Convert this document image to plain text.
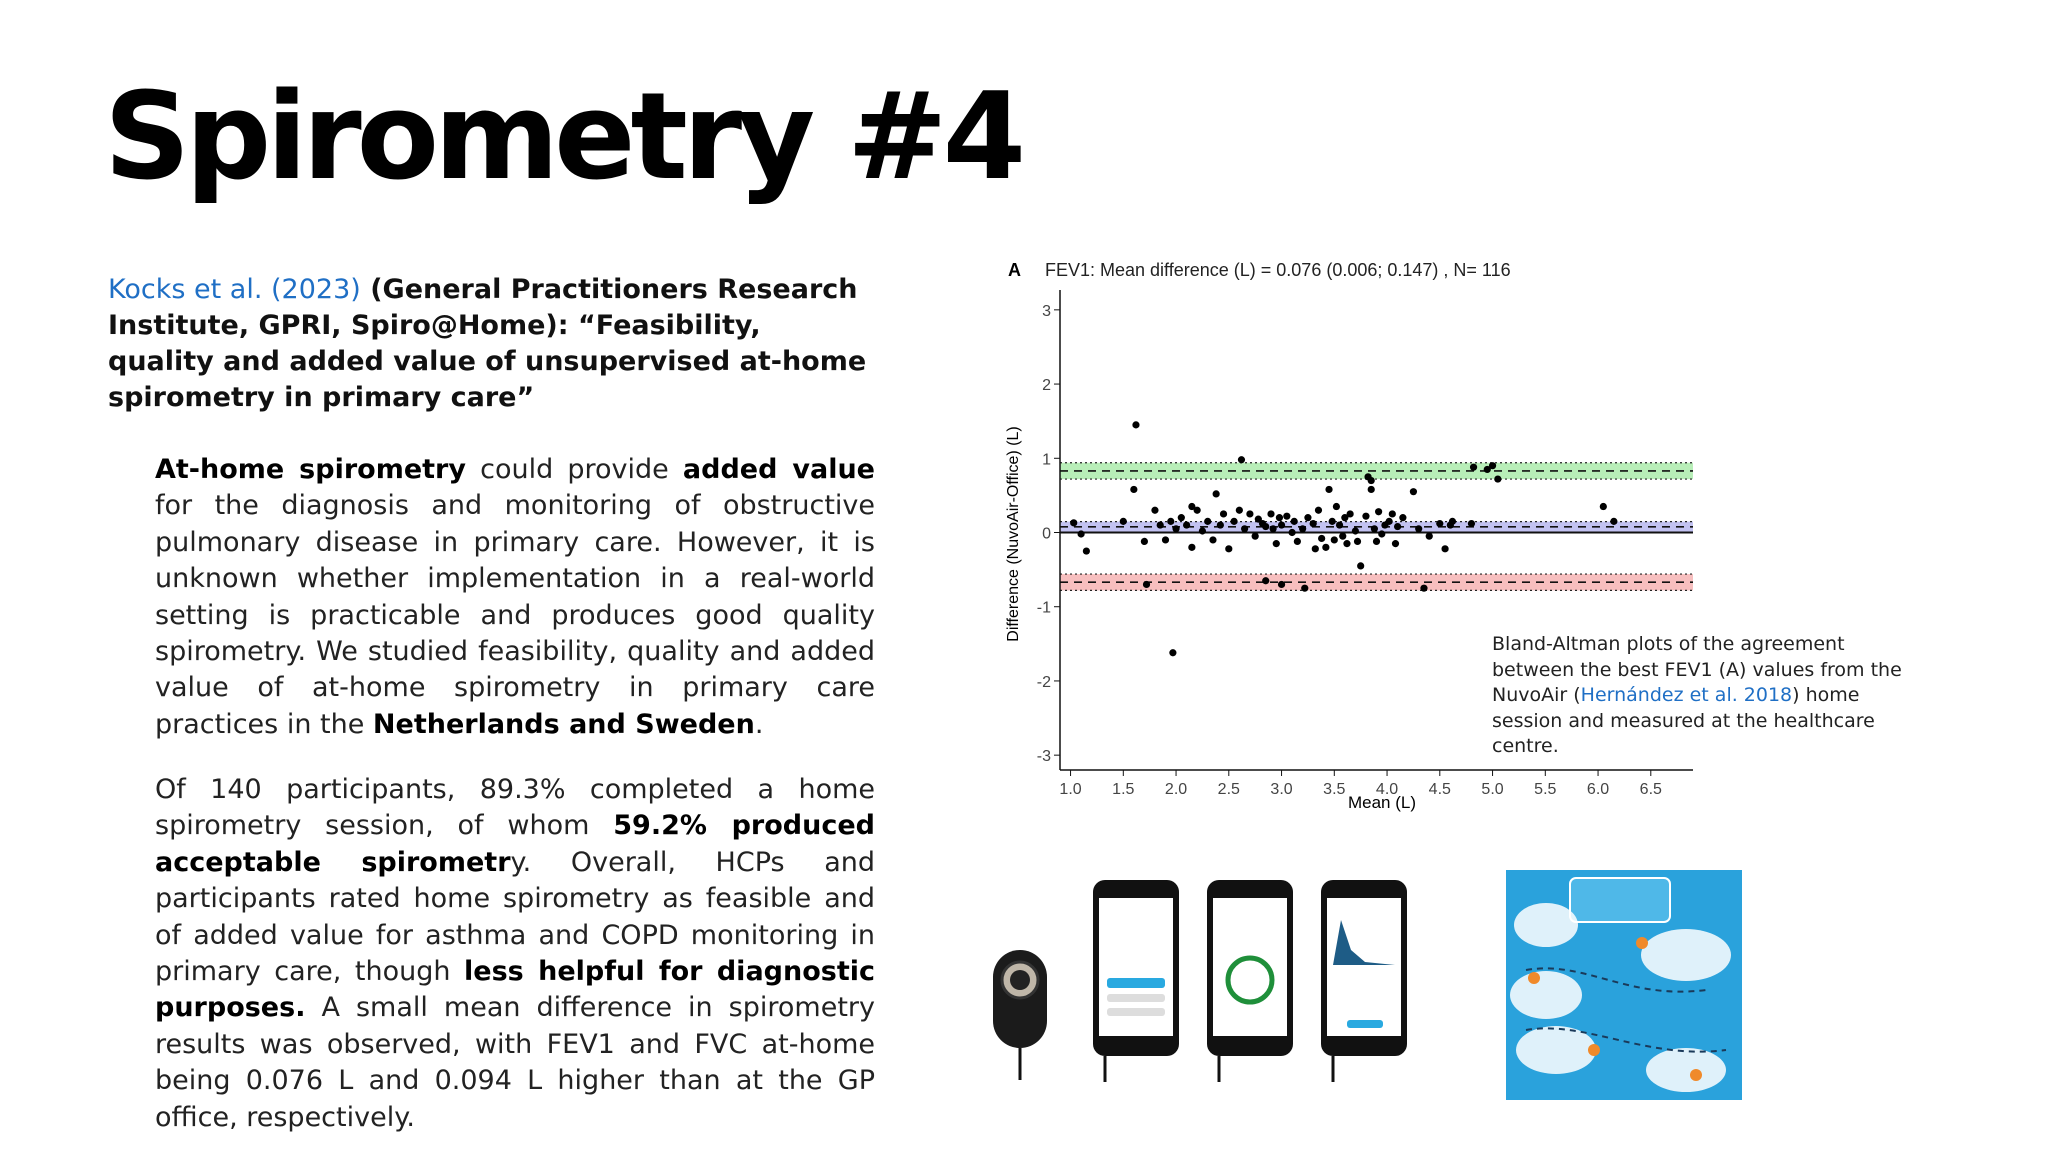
Spirometry #4
Kocks et al. (2023) (General Practitioners Research Institute, GPRI, Spiro@Home): “Feasibility, quality and added value of unsupervised at-home spirometry in primary care”
At-home spirometry could provide added value for the diagnosis and monitoring of obstructive pulmonary disease in primary care. However, it is unknown whether implementation in a real-world setting is practicable and produces good quality spirometry. We studied feasibility, quality and added value of at-home spirometry in primary care practices in the Netherlands and Sweden.
Of 140 participants, 89.3% completed a home spirometry session, of whom 59.2% produced acceptable spirometry. Overall, HCPs and participants rated home spirometry as feasible and of added value for asthma and COPD monitoring in primary care, though less helpful for diagnostic purposes. A small mean difference in spirometry results was observed, with FEV1 and FVC at-home being 0.076 L and 0.094 L higher than at the GP office, respectively.
A FEV1: Mean difference (L) = 0.076 (0.006; 0.147) , N= 116
1.0 1.5 2.0 2.5 3.0 3.5 4.0 4.5 5.0 5.5 6.0 6.5
3
2
1
0
-1
-2
-3
Mean (L)
Difference (NuvoAir-Office) (L)
Bland-Altman plots of the agreement between the best FEV1 (A) values from the NuvoAir (Hernández et al. 2018) home session and measured at the healthcare centre.
